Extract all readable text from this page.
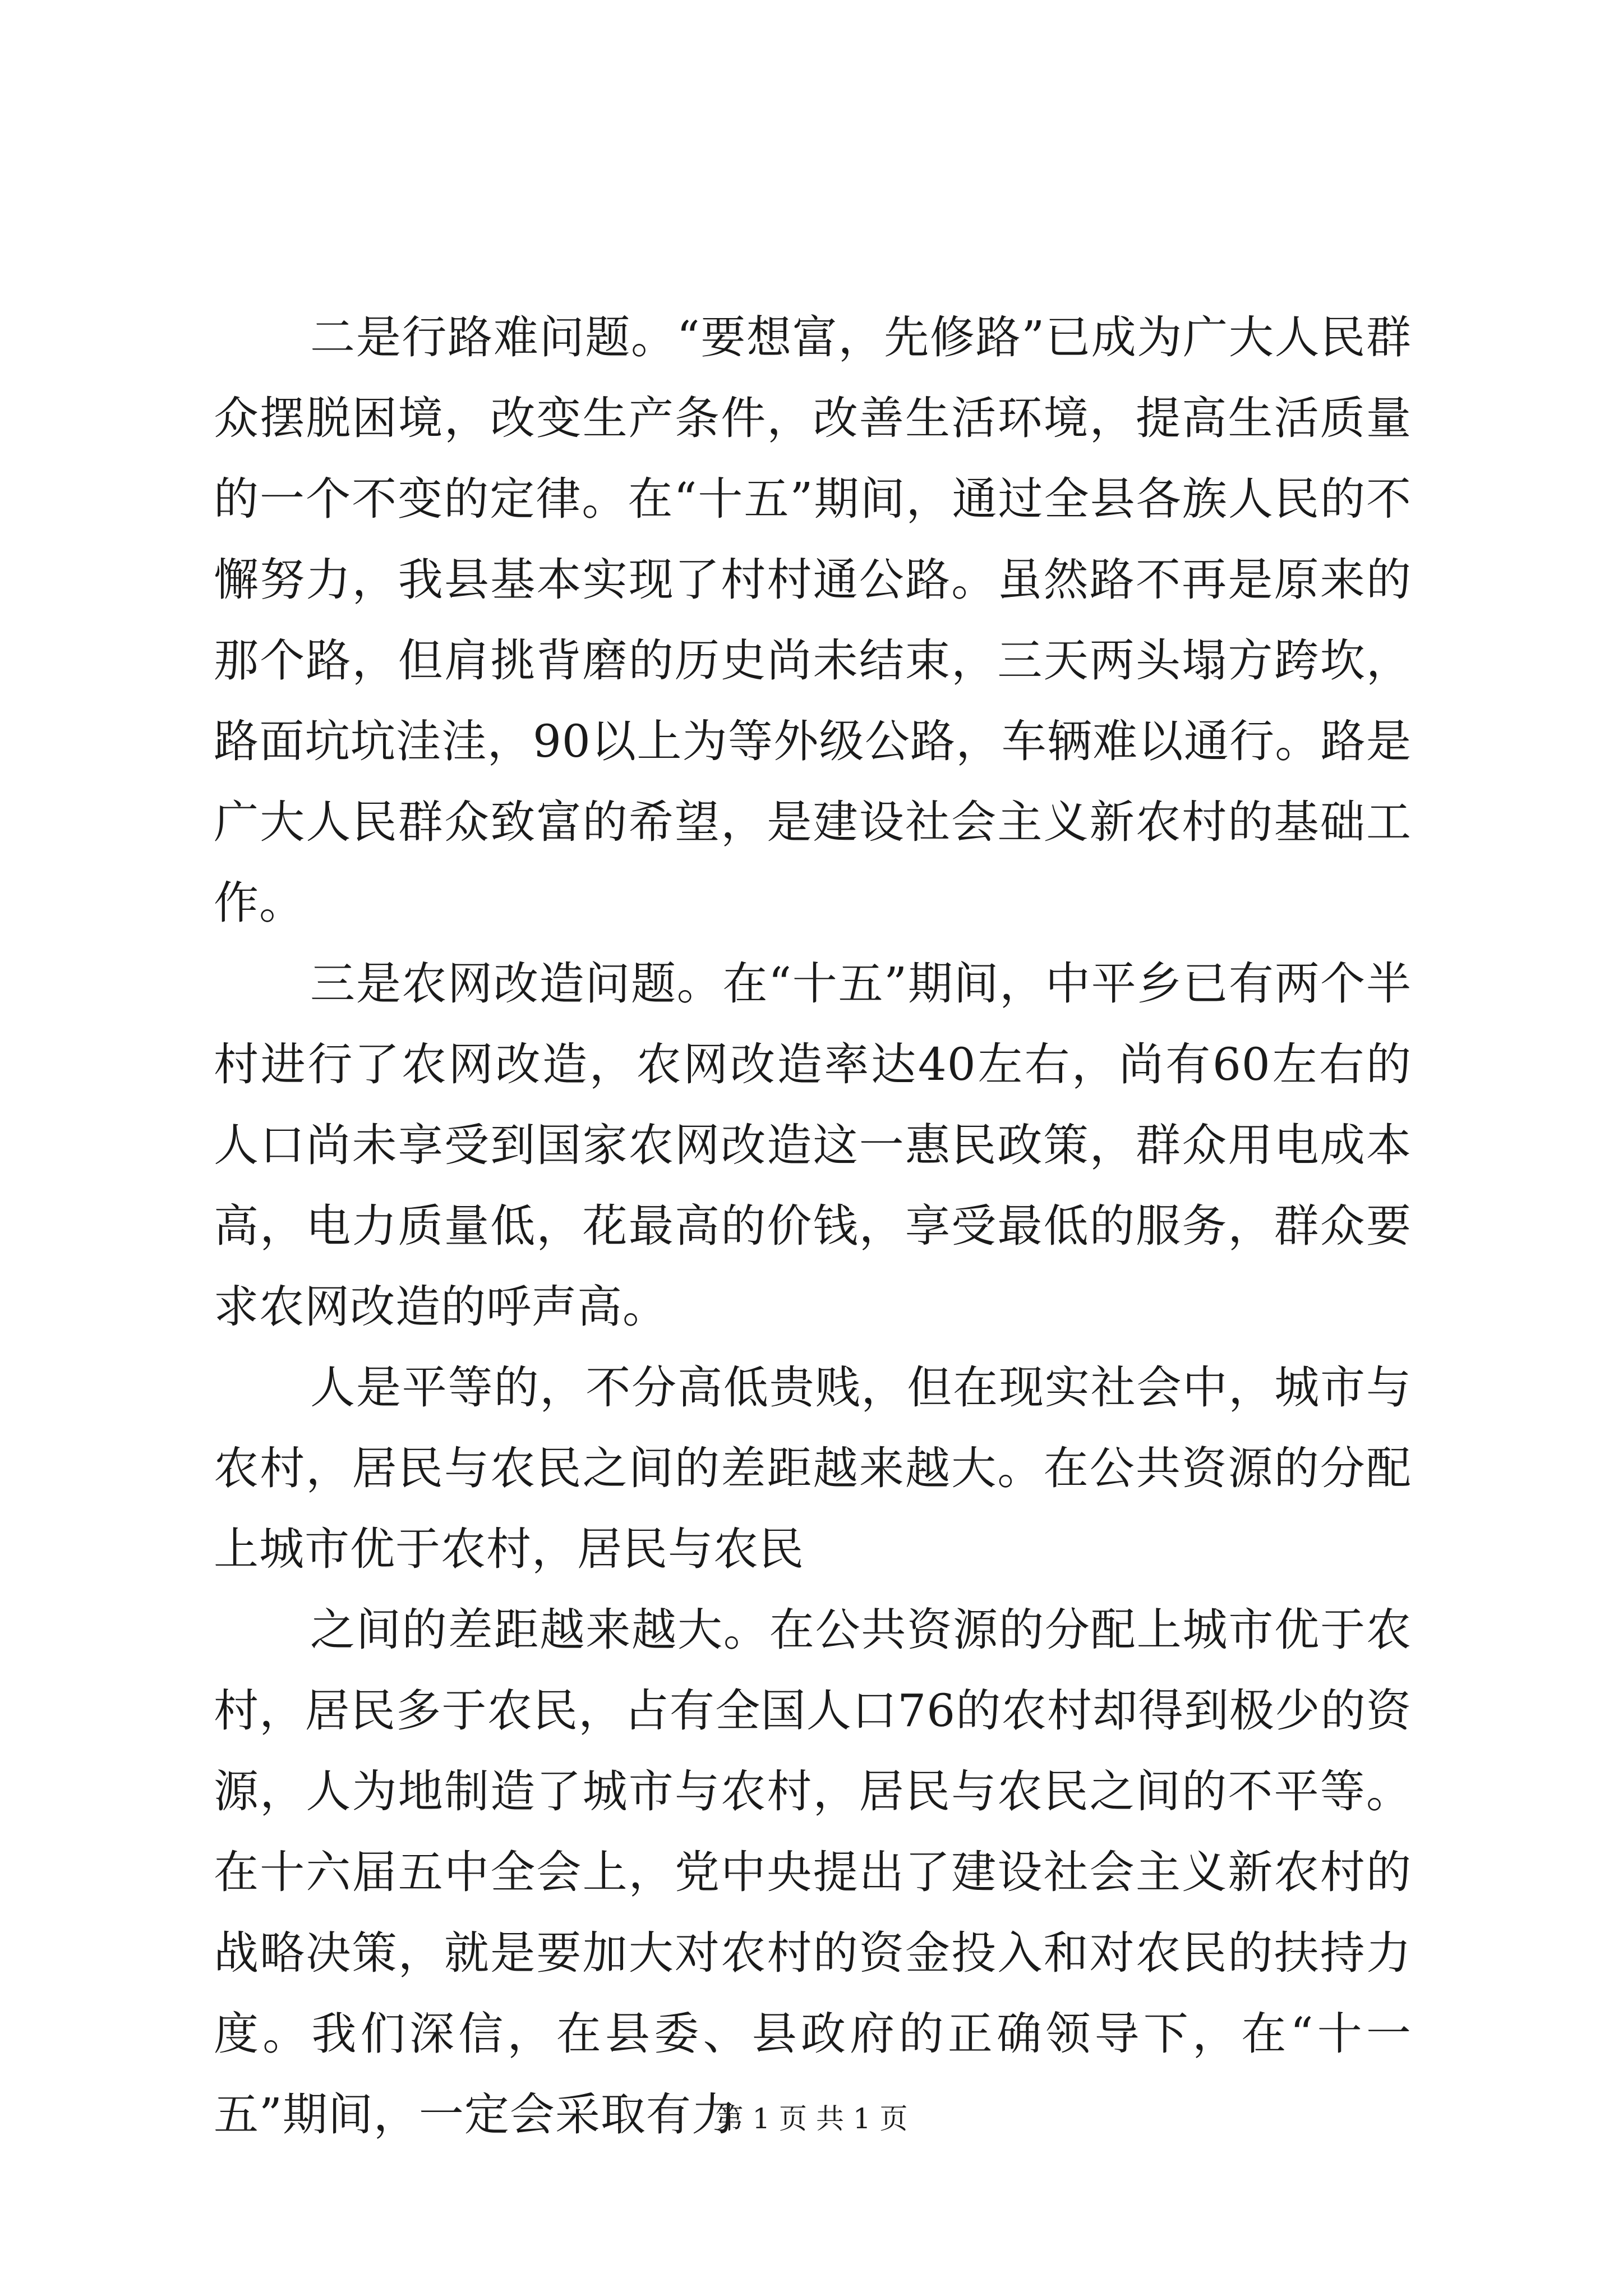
二是行路难问题。“要想富，先修路”已成为广大人民群众摆脱困境，改变生产条件，改善生活环境，提高生活质量的一个不变的定律。在“十五”期间，通过全县各族人民的不懈努力，我县基本实现了村村通公路。虽然路不再是原来的那个路，但肩挑背磨的历史尚未结束，三天两头塌方跨坎，路面坑坑洼洼，90以上为等外级公路，车辆难以通行。路是广大人民群众致富的希望，是建设社会主义新农村的基础工作。

三是农网改造问题。在“十五”期间，中平乡已有两个半村进行了农网改造，农网改造率达40左右，尚有60左右的人口尚未享受到国家农网改造这一惠民政策，群众用电成本高，电力质量低，花最高的价钱，享受最低的服务，群众要求农网改造的呼声高。

人是平等的，不分高低贵贱，但在现实社会中，城市与农村，居民与农民之间的差距越来越大。在公共资源的分配上城市优于农村，居民与农民

之间的差距越来越大。在公共资源的分配上城市优于农村，居民多于农民，占有全国人口76的农村却得到极少的资源，人为地制造了城市与农村，居民与农民之间的不平等。在十六届五中全会上，党中央提出了建设社会主义新农村的战略决策，就是要加大对农村的资金投入和对农民的扶持力度。我们深信，在县委、县政府的正确领导下，在“十一五”期间，一定会采取有力

第 1 页 共 1 页
